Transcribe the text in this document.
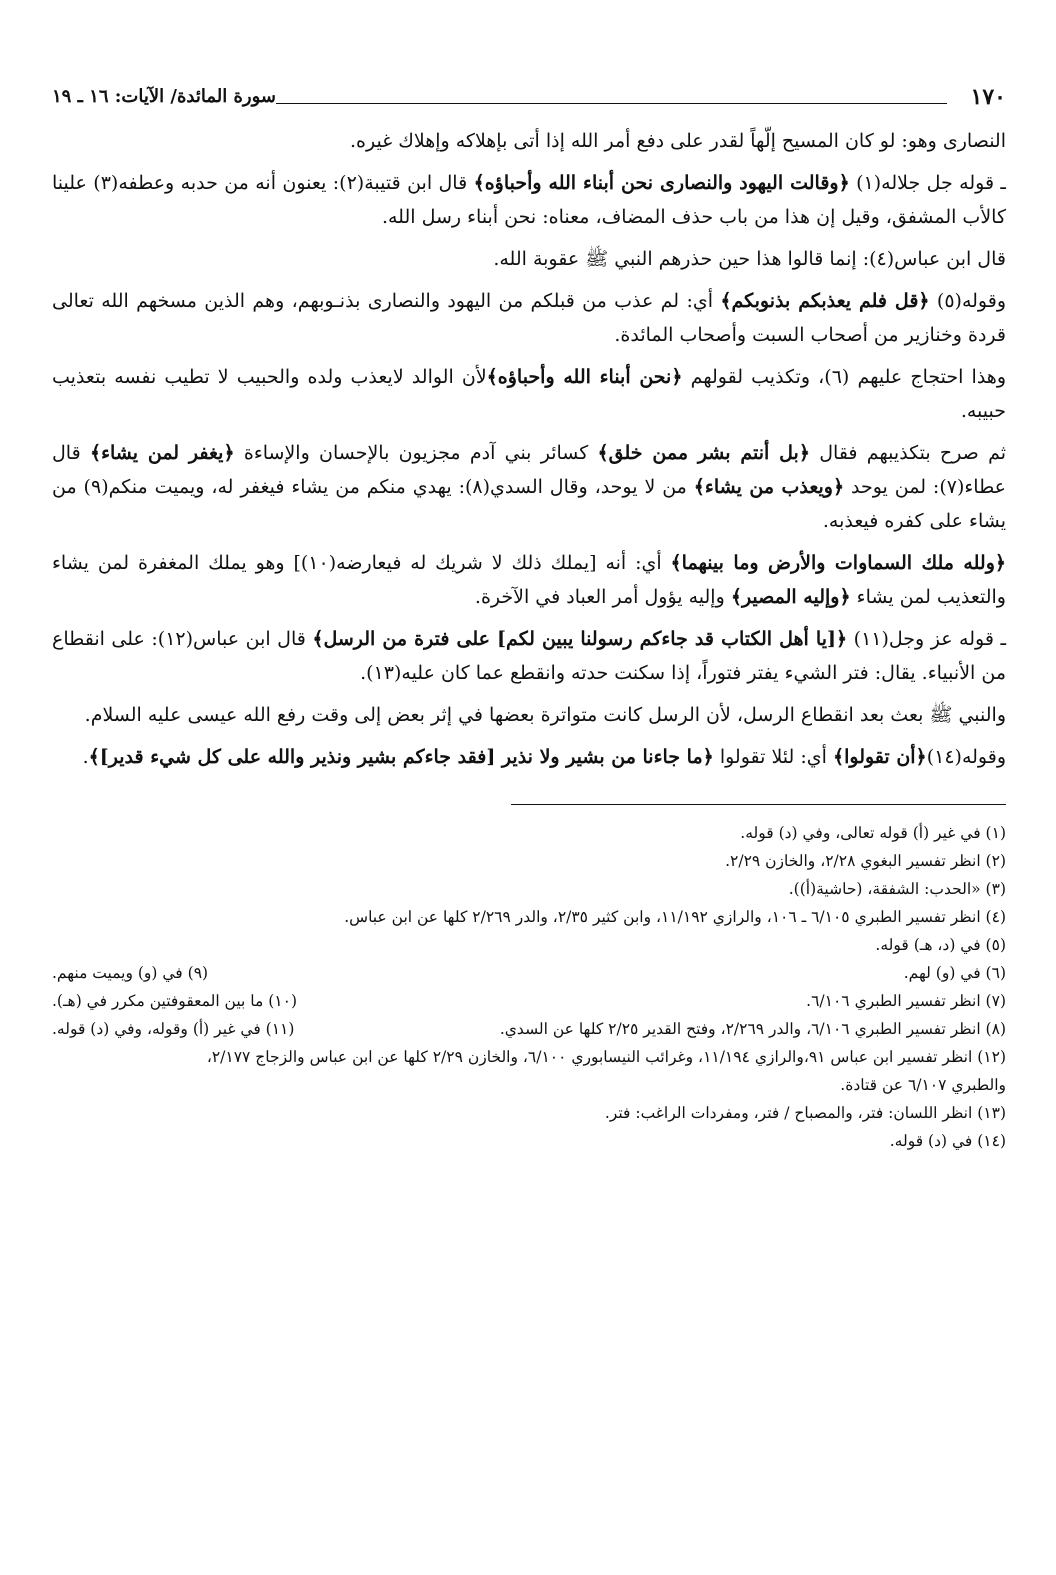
١٧٠
سورة المائدة/ الآيات: ١٦ ـ ١٩

النصارى وهو: لو كان المسيح إلّهاً لقدر على دفع أمر الله إذا أتى بإهلاكه وإهلاك غيره.

ـ قوله جل جلاله(١) ﴿وقالت اليهود والنصارى نحن أبناء الله وأحباؤه﴾ قال ابن قتيبة(٢): يعنون أنه من حدبه وعطفه(٣) علينا كالأب المشفق، وقيل إن هذا من باب حذف المضاف، معناه: نحن أبناء رسل الله.

قال ابن عباس(٤): إنما قالوا هذا حين حذرهم النبي ﷺ عقوبة الله.

وقوله(٥) ﴿قل فلم يعذبكم بذنوبكم﴾ أي: لم عذب من قبلكم من اليهود والنصارى بذنـوبهم، وهم الذين مسخهم الله تعالى قردة وخنازير من أصحاب السبت وأصحاب المائدة.

وهذا احتجاج عليهم (٦)، وتكذيب لقولهم ﴿نحن أبناء الله وأحباؤه﴾لأن الوالد لايعذب ولده والحبيب لا تطيب نفسه بتعذيب حبيبه.

ثم صرح بتكذيبهم فقال ﴿بل أنتم بشر ممن خلق﴾ كسائر بني آدم مجزيون بالإحسان والإساءة ﴿يغفر لمن يشاء﴾ قال عطاء(٧): لمن يوحد ﴿ويعذب من يشاء﴾ من لا يوحد، وقال السدي(٨): يهدي منكم من يشاء فيغفر له، ويميت منكم(٩) من يشاء على كفره فيعذبه.

﴿ولله ملك السماوات والأرض وما بينهما﴾ أي: أنه [يملك ذلك لا شريك له فيعارضه(١٠)] وهو يملك المغفرة لمن يشاء والتعذيب لمن يشاء ﴿وإليه المصير﴾ وإليه يؤول أمر العباد في الآخرة.

ـ قوله عز وجل(١١) ﴿[يا أهل الكتاب قد جاءكم رسولنا يبين لكم] على فترة من الرسل﴾ قال ابن عباس(١٢): على انقطاع من الأنبياء. يقال: فتر الشيء يفتر فتوراً، إذا سكنت حدته وانقطع عما كان عليه(١٣).

والنبي ﷺ بعث بعد انقطاع الرسل، لأن الرسل كانت متواترة بعضها في إثر بعض إلى وقت رفع الله عيسى عليه السلام.

وقوله(١٤)﴿أن تقولوا﴾ أي: لئلا تقولوا ﴿ما جاءنا من بشير ولا نذير [فقد جاءكم بشير ونذير والله على كل شيء قدير]﴾.

(١) في غير (أ) قوله تعالى، وفي (د) قوله.

(٢) انظر تفسير البغوي ٢/٢٨، والخازن ٢/٢٩.

(٣) «الحدب: الشفقة، (حاشية(أ)).

(٤) انظر تفسير الطبري ٦/١٠٥ ـ ١٠٦، والرازي ١١/١٩٢، وابن كثير ٢/٣٥، والدر ٢/٢٦٩ كلها عن ابن عباس.

(٥) في (د، هـ) قوله.

(٦) في (و) لهم.
(٩) في (و) ويميت منهم.

(٧) انظر تفسير الطبري ٦/١٠٦.
(١٠) ما بين المعقوفتين مكرر في (هـ).

(٨) انظر تفسير الطبري ٦/١٠٦، والدر ٢/٢٦٩، وفتح القدير ٢/٢٥ كلها عن السدي.
(١١) في غير (أ) وقوله، وفي (د) قوله.

(١٢) انظر تفسير ابن عباس ٩١،والرازي ١١/١٩٤، وغرائب النيسابوري ٦/١٠٠، والخازن ٢/٢٩ كلها عن ابن عباس والزجاج ٢/١٧٧،

والطبري ٦/١٠٧ عن قتادة.

(١٣) انظر اللسان: فتر، والمصباح / فتر، ومفردات الراغب: فتر.

(١٤) في (د) قوله.
